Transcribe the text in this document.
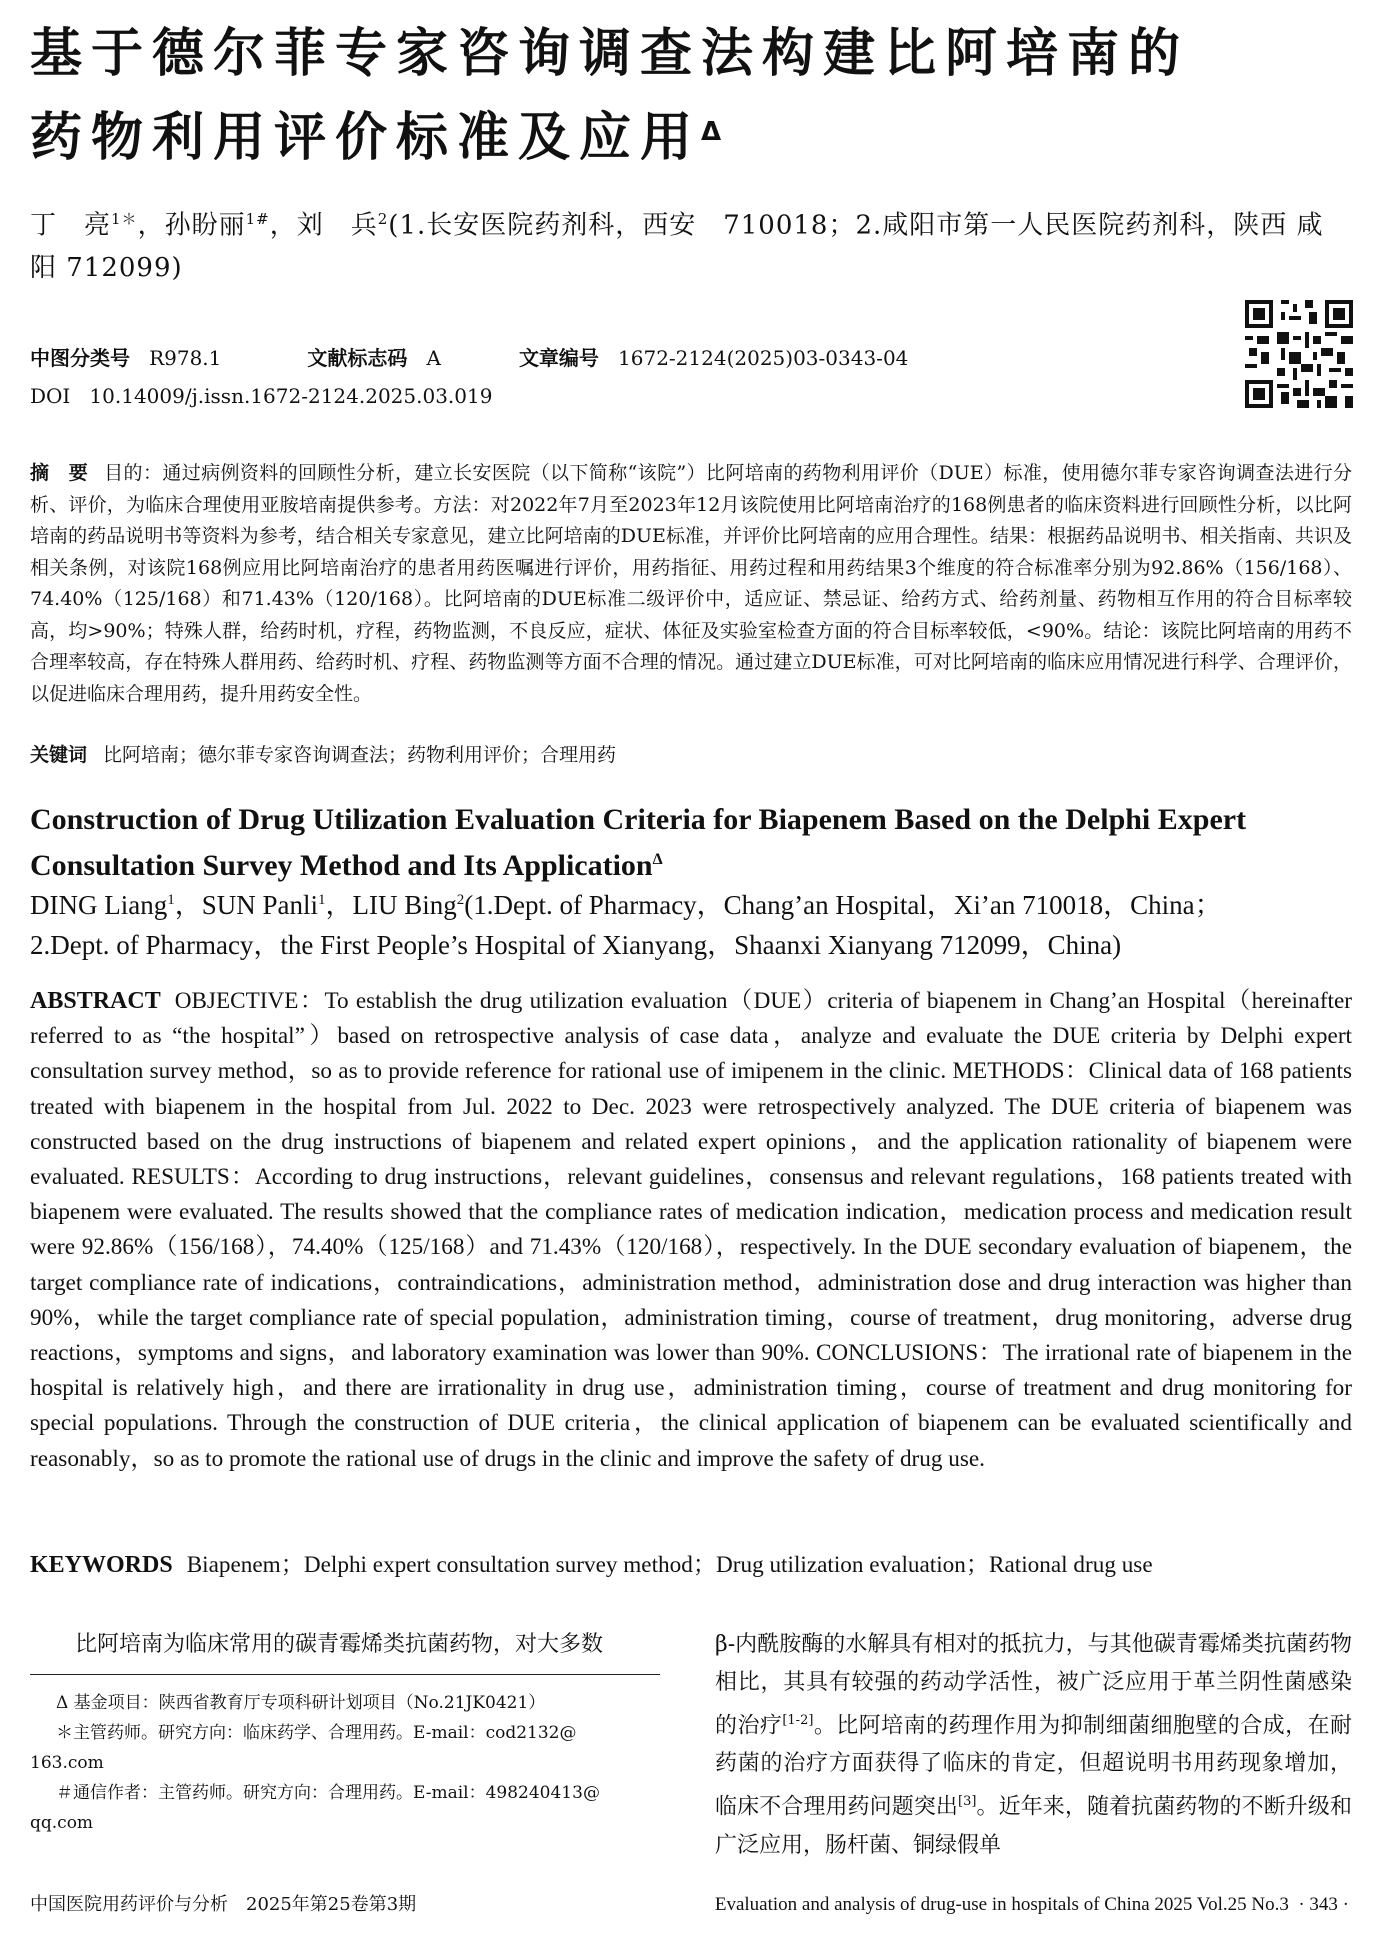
基于德尔菲专家咨询调查法构建比阿培南的
药物利用评价标准及应用$^\Delta$
丁　亮$^{1*}$，孙盼丽$^{1\#}$，刘　兵$^2$(1.长安医院药剂科，西安　710018；2.咸阳市第一人民医院药剂科，陕西 咸阳 712099)
中图分类号 R978.1	文献标志码 A	文章编号 1672-2124(2025)03-0343-04
DOI 10.14009/j.issn.1672-2124.2025.03.019
摘　要 目的：通过病例资料的回顾性分析，建立长安医院（以下简称“该院”）比阿培南的药物利用评价（DUE）标准，使用德尔菲专家咨询调查法进行分析、评价，为临床合理使用亚胺培南提供参考。方法：对2022年7月至2023年12月该院使用比阿培南治疗的168例患者的临床资料进行回顾性分析，以比阿培南的药品说明书等资料为参考，结合相关专家意见，建立比阿培南的DUE标准，并评价比阿培南的应用合理性。结果：根据药品说明书、相关指南、共识及相关条例，对该院168例应用比阿培南治疗的患者用药医嘱进行评价，用药指征、用药过程和用药结果3个维度的符合标准率分别为92.86%（156/168）、74.40%（125/168）和71.43%（120/168）。比阿培南的DUE标准二级评价中，适应证、禁忌证、给药方式、给药剂量、药物相互作用的符合目标率较高，均>90%；特殊人群，给药时机，疗程，药物监测，不良反应，症状、体征及实验室检查方面的符合目标率较低，<90%。结论：该院比阿培南的用药不合理率较高，存在特殊人群用药、给药时机、疗程、药物监测等方面不合理的情况。通过建立DUE标准，可对比阿培南的临床应用情况进行科学、合理评价，以促进临床合理用药，提升用药安全性。
关键词 比阿培南；德尔菲专家咨询调查法；药物利用评价；合理用药
Construction of Drug Utilization Evaluation Criteria for Biapenem Based on the Delphi Expert
Consultation Survey Method and Its Application$^\Delta$
DING Liang$^1$，SUN Panli$^1$，LIU Bing$^2$(1.Dept. of Pharmacy，Chang’an Hospital，Xi’an 710018，China；
2.Dept. of Pharmacy，the First People’s Hospital of Xianyang，Shaanxi Xianyang 712099，China)
ABSTRACT OBJECTIVE：To establish the drug utilization evaluation（DUE）criteria of biapenem in Chang’an Hospital（hereinafter referred to as “the hospital”）based on retrospective analysis of case data，analyze and evaluate the DUE criteria by Delphi expert consultation survey method，so as to provide reference for rational use of imipenem in the clinic. METHODS：Clinical data of 168 patients treated with biapenem in the hospital from Jul. 2022 to Dec. 2023 were retrospectively analyzed. The DUE criteria of biapenem was constructed based on the drug instructions of biapenem and related expert opinions，and the application rationality of biapenem were evaluated. RESULTS：According to drug instructions，relevant guidelines，consensus and relevant regulations，168 patients treated with biapenem were evaluated. The results showed that the compliance rates of medication indication，medication process and medication result were 92.86%（156/168），74.40%（125/168）and 71.43%（120/168），respectively. In the DUE secondary evaluation of biapenem，the target compliance rate of indications，contraindications，administration method，administration dose and drug interaction was higher than 90%，while the target compliance rate of special population，administration timing，course of treatment，drug monitoring，adverse drug reactions，symptoms and signs，and laboratory examination was lower than 90%. CONCLUSIONS：The irrational rate of biapenem in the hospital is relatively high，and there are irrationality in drug use，administration timing，course of treatment and drug monitoring for special populations. Through the construction of DUE criteria，the clinical application of biapenem can be evaluated scientifically and reasonably，so as to promote the rational use of drugs in the clinic and improve the safety of drug use.
KEYWORDS Biapenem；Delphi expert consultation survey method；Drug utilization evaluation；Rational drug use
比阿培南为临床常用的碳青霉烯类抗菌药物，对大多数	β-内酰胺酶的水解具有相对的抵抗力，与其他碳青霉烯类抗菌药物相比，其具有较强的药动学活性，被广泛应用于革兰阴性菌感染的治疗[1-2]。比阿培南的药理作用为抑制细菌细胞壁的合成，在耐药菌的治疗方面获得了临床的肯定，但超说明书用药现象增加，临床不合理用药问题突出[3]。近年来，随着抗菌药物的不断升级和广泛应用，肠杆菌、铜绿假单
Δ 基金项目：陕西省教育厅专项科研计划项目（No.21JK0421）
＊主管药师。研究方向：临床药学、合理用药。E-mail：cod2132@
163.com
＃通信作者：主管药师。研究方向：合理用药。E-mail：498240413@
qq.com
中国医院用药评价与分析　2025年第25卷第3期	Evaluation and analysis of drug-use in hospitals of China 2025 Vol.25 No.3 · 343 ·
